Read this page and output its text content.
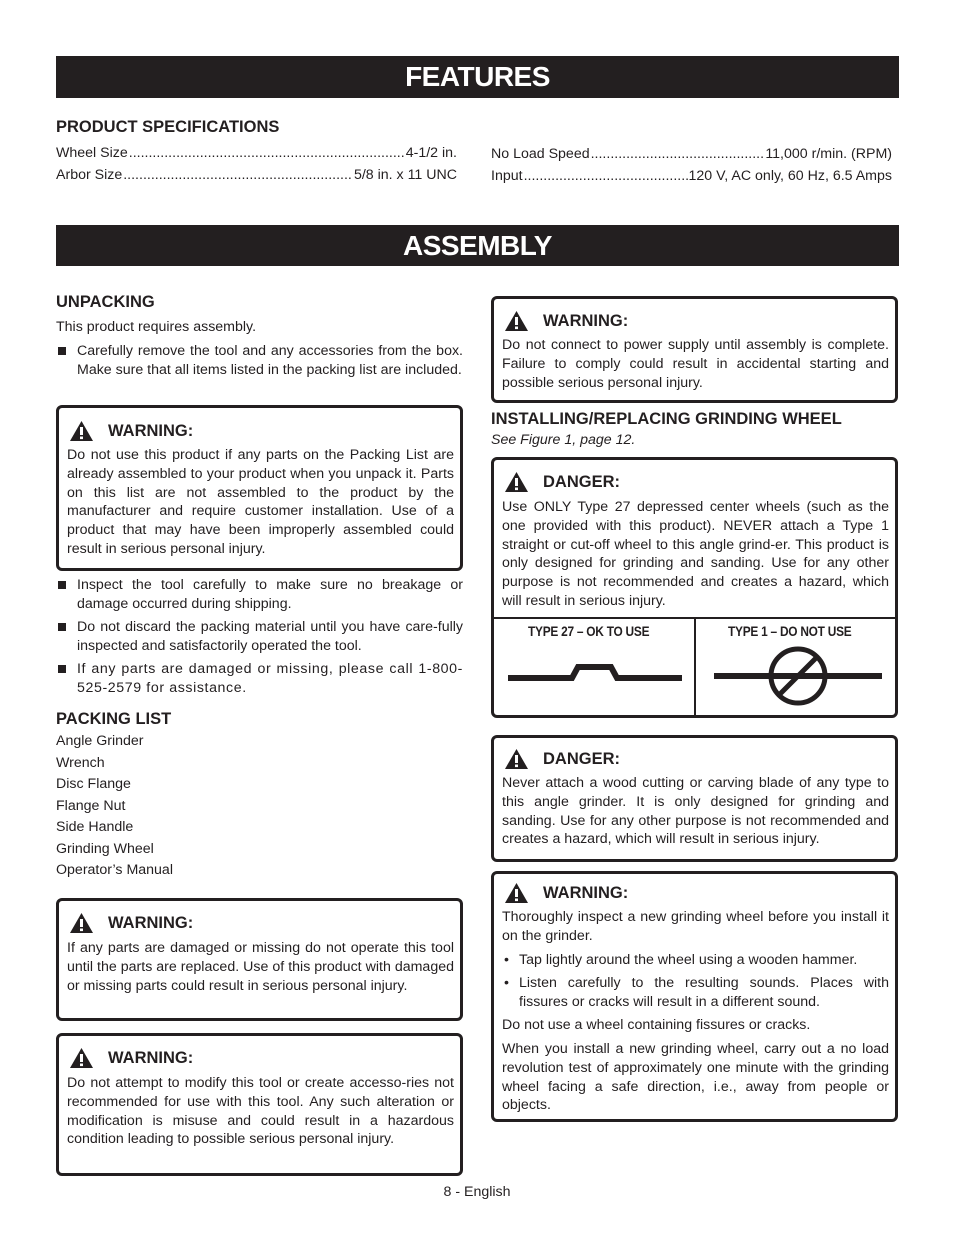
FEATURES
ASSEMBLY
PRODUCT SPECIFICATIONS
Wheel Size .....	4-1/2 in.
Arbor Size .....	5/8 in. x 11 UNC
No Load Speed .....	11,000 r/min. (RPM)
Input .....	120 V, AC only, 60 Hz, 6.5 Amps
UNPACKING
This product requires assembly.
Carefully remove the tool and any accessories from the box. Make sure that all items listed in the packing list are included.
WARNING:
Do not use this product if any parts on the Packing List are already assembled to your product when you unpack it. Parts on this list are not assembled to the product by the manufacturer and require customer installation. Use of a product that may have been improperly assembled could result in serious personal injury.
Inspect the tool carefully to make sure no breakage or damage occurred during shipping.
Do not discard the packing material until you have care-fully inspected and satisfactorily operated the tool.
If any parts are damaged or missing, please call 1-800-525-2579 for assistance.
PACKING LIST
Angle Grinder
Wrench
Disc Flange
Flange Nut
Side Handle
Grinding Wheel
Operator’s Manual
WARNING:
If any parts are damaged or missing do not operate this tool until the parts are replaced. Use of this product with damaged or missing parts could result in serious personal injury.
WARNING:
Do not attempt to modify this tool or create accesso-ries not recommended for use with this tool. Any such alteration or modification is misuse and could result in a hazardous condition leading to possible serious personal injury.
WARNING:
Do not connect to power supply until assembly is complete. Failure to comply could result in accidental starting and possible serious personal injury.
INSTALLING/REPLACING GRINDING WHEEL
See Figure 1, page 12.
DANGER:
Use ONLY Type 27 depressed center wheels (such as the one provided with this product). NEVER attach a Type 1 straight or cut-off wheel to this angle grind-er. This product is only designed for grinding and sanding. Use for any other purpose is not recommended and creates a hazard, which will result in serious injury.
TYPE 27 – OK TO USE	TYPE 1 – DO NOT USE
DANGER:
Never attach a wood cutting or carving blade of any type to this angle grinder. It is only designed for grinding and sanding. Use for any other purpose is not recommended and creates a hazard, which will result in serious injury.
WARNING:
Thoroughly inspect a new grinding wheel before you install it on the grinder.
• Tap lightly around the wheel using a wooden hammer.
• Listen carefully to the resulting sounds. Places with fissures or cracks will result in a different sound.
Do not use a wheel containing fissures or cracks.
When you install a new grinding wheel, carry out a no load revolution test of approximately one minute with the grinding wheel facing a safe direction, i.e., away from people or objects.
8 - English
